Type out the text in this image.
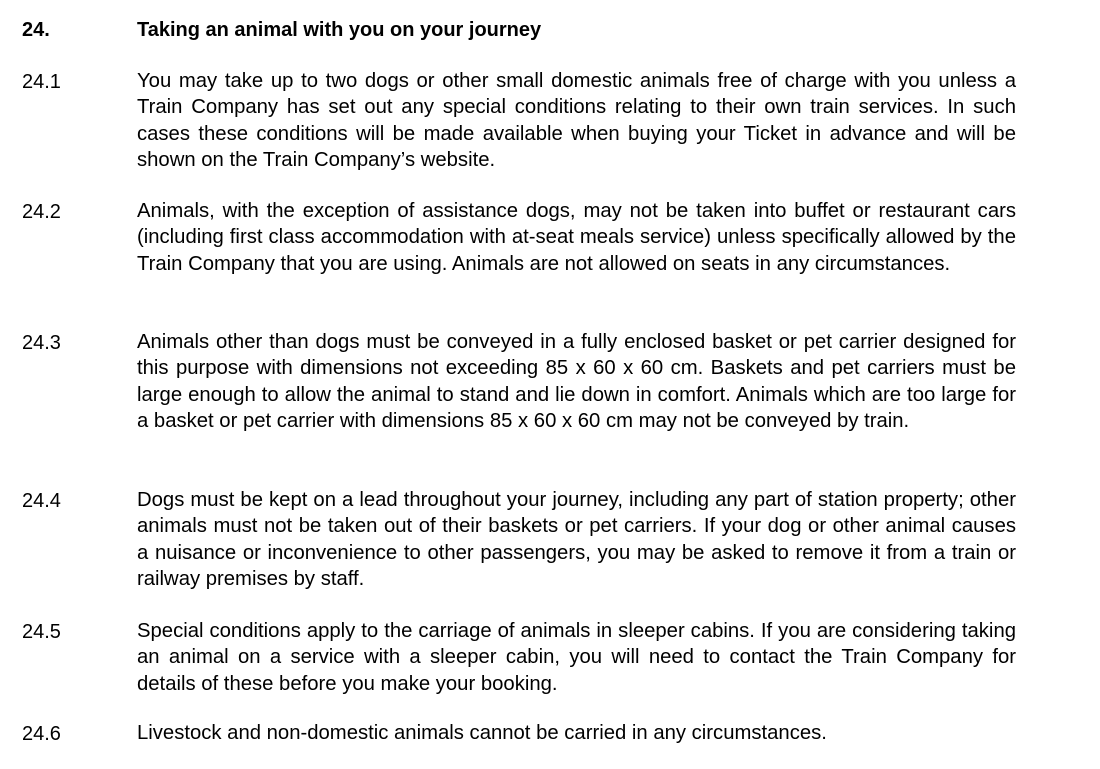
24.	Taking an animal with you on your journey
24.1	You may take up to two dogs or other small domestic animals free of charge with you unless a Train Company has set out any special conditions relating to their own train services. In such cases these conditions will be made available when buying your Ticket in advance and will be shown on the Train Company’s website.
24.2	Animals, with the exception of assistance dogs, may not be taken into buffet or restaurant cars (including first class accommodation with at-seat meals service) unless specifically allowed by the Train Company that you are using. Animals are not allowed on seats in any circumstances.
24.3	Animals other than dogs must be conveyed in a fully enclosed basket or pet carrier designed for this purpose with dimensions not exceeding 85 x 60 x 60 cm. Baskets and pet carriers must be large enough to allow the animal to stand and lie down in comfort. Animals which are too large for a basket or pet carrier with dimensions 85 x 60 x 60 cm may not be conveyed by train.
24.4	Dogs must be kept on a lead throughout your journey, including any part of station property; other animals must not be taken out of their baskets or pet carriers. If your dog or other animal causes a nuisance or inconvenience to other passengers, you may be asked to remove it from a train or railway premises by staff.
24.5	Special conditions apply to the carriage of animals in sleeper cabins. If you are considering taking an animal on a service with a sleeper cabin, you will need to contact the Train Company for details of these before you make your booking.
24.6	Livestock and non-domestic animals cannot be carried in any circumstances.
